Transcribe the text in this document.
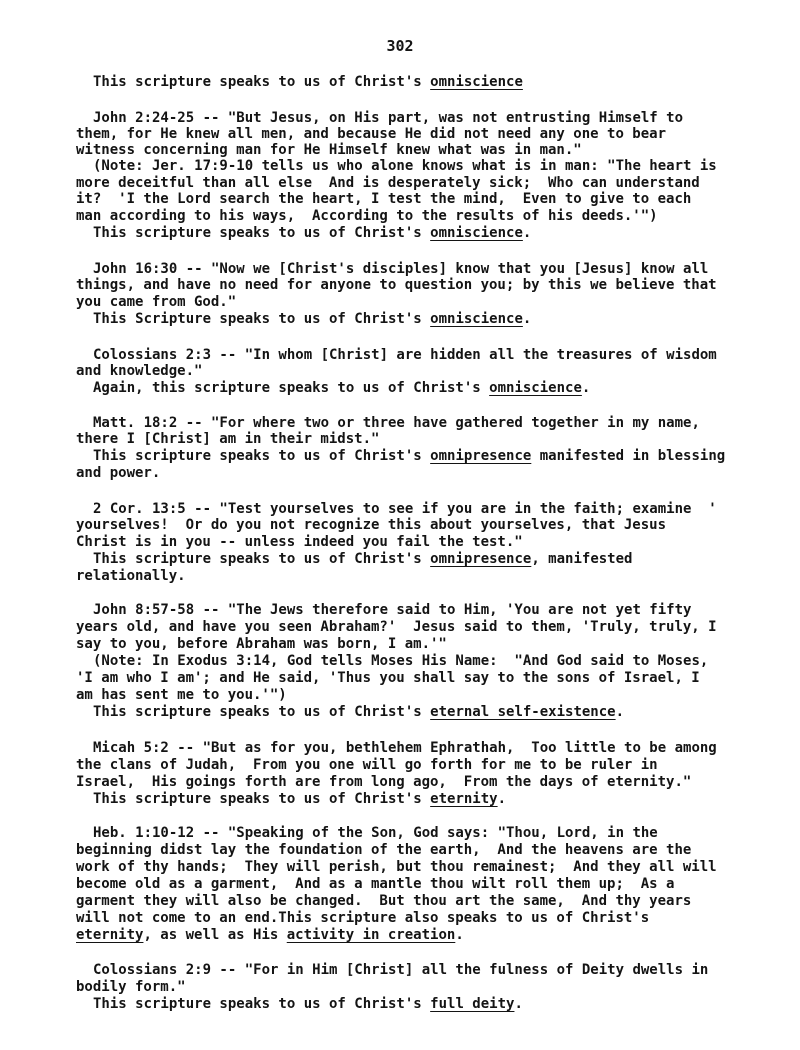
302
This scripture speaks to us of Christ's omniscience
John 2:24-25 -- "But Jesus, on His part, was not entrusting Himself to
them, for He knew all men, and because He did not need any one to bear
witness concerning man for He Himself knew what was in man."
(Note: Jer. 17:9-10 tells us who alone knows what is in man: "The heart is
more deceitful than all else  And is desperately sick;  Who can understand
it?  'I the Lord search the heart, I test the mind,  Even to give to each
man according to his ways,  According to the results of his deeds.'")
This scripture speaks to us of Christ's omniscience.
John 16:30 -- "Now we [Christ's disciples] know that you [Jesus] know all
things, and have no need for anyone to question you; by this we believe that
you came from God."
This Scripture speaks to us of Christ's omniscience.
Colossians 2:3 -- "In whom [Christ] are hidden all the treasures of wisdom
and knowledge."
Again, this scripture speaks to us of Christ's omniscience.
Matt. 18:2 -- "For where two or three have gathered together in my name,
there I [Christ] am in their midst."
This scripture speaks to us of Christ's omnipresence manifested in blessing
and power.
2 Cor. 13:5 -- "Test yourselves to see if you are in the faith; examine  '
yourselves!  Or do you not recognize this about yourselves, that Jesus
Christ is in you -- unless indeed you fail the test."
This scripture speaks to us of Christ's omnipresence, manifested
relationally.
John 8:57-58 -- "The Jews therefore said to Him, 'You are not yet fifty
years old, and have you seen Abraham?'  Jesus said to them, 'Truly, truly, I
say to you, before Abraham was born, I am.'"
(Note: In Exodus 3:14, God tells Moses His Name:  "And God said to Moses,
'I am who I am'; and He said, 'Thus you shall say to the sons of Israel, I
am has sent me to you.'")
This scripture speaks to us of Christ's eternal self-existence.
Micah 5:2 -- "But as for you, bethlehem Ephrathah,  Too little to be among
the clans of Judah,  From you one will go forth for me to be ruler in
Israel,  His goings forth are from long ago,  From the days of eternity."
This scripture speaks to us of Christ's eternity.
Heb. 1:10-12 -- "Speaking of the Son, God says: "Thou, Lord, in the
beginning didst lay the foundation of the earth,  And the heavens are the
work of thy hands;  They will perish, but thou remainest;  And they all will
become old as a garment,  And as a mantle thou wilt roll them up;  As a
garment they will also be changed.  But thou art the same,  And thy years
will not come to an end.This scripture also speaks to us of Christ's
eternity, as well as His activity in creation.
Colossians 2:9 -- "For in Him [Christ] all the fulness of Deity dwells in
bodily form."
This scripture speaks to us of Christ's full deity.
